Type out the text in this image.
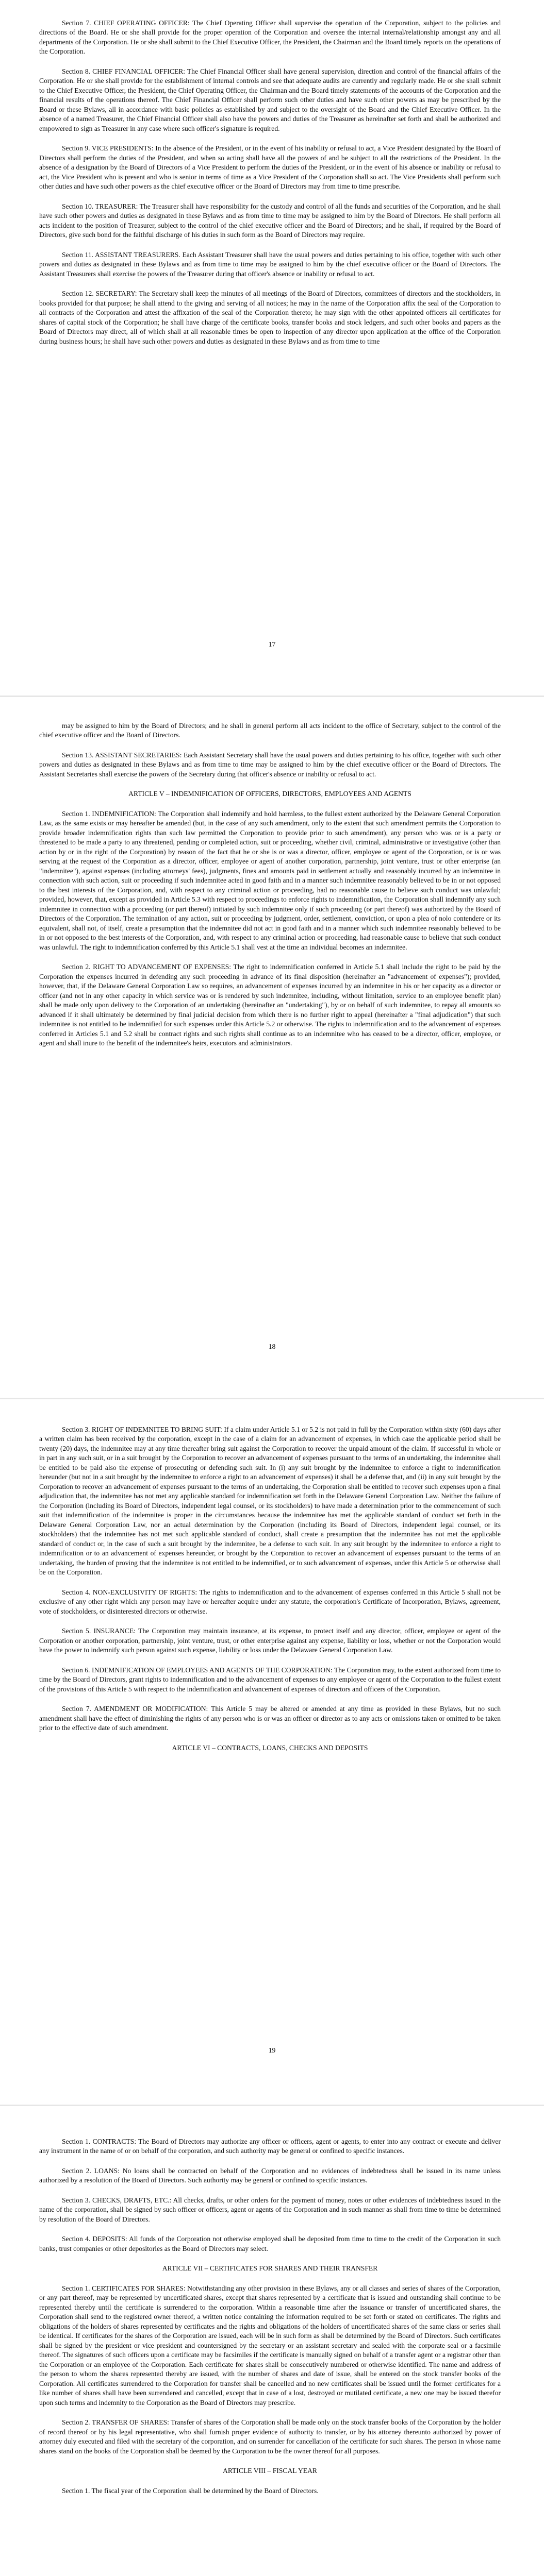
Section 7. CHIEF OPERATING OFFICER: The Chief Operating Officer shall supervise the operation of the Corporation, subject to the policies and directions of the Board. He or she shall provide for the proper operation of the Corporation and oversee the internal internal/relationship amongst any and all departments of the Corporation. He or she shall submit to the Chief Executive Officer, the President, the Chairman and the Board timely reports on the operations of the Corporation.

Section 8. CHIEF FINANCIAL OFFICER: The Chief Financial Officer shall have general supervision, direction and control of the financial affairs of the Corporation. He or she shall provide for the establishment of internal controls and see that adequate audits are currently and regularly made. He or she shall submit to the Chief Executive Officer, the President, the Chief Operating Officer, the Chairman and the Board timely statements of the accounts of the Corporation and the financial results of the operations thereof. The Chief Financial Officer shall perform such other duties and have such other powers as may be prescribed by the Board or these Bylaws, all in accordance with basic policies as established by and subject to the oversight of the Board and the Chief Executive Officer. In the absence of a named Treasurer, the Chief Financial Officer shall also have the powers and duties of the Treasurer as hereinafter set forth and shall be authorized and empowered to sign as Treasurer in any case where such officer's signature is required.

Section 9. VICE PRESIDENTS: In the absence of the President, or in the event of his inability or refusal to act, a Vice President designated by the Board of Directors shall perform the duties of the President, and when so acting shall have all the powers of and be subject to all the restrictions of the President. In the absence of a designation by the Board of Directors of a Vice President to perform the duties of the President, or in the event of his absence or inability or refusal to act, the Vice President who is present and who is senior in terms of time as a Vice President of the Corporation shall so act. The Vice Presidents shall perform such other duties and have such other powers as the chief executive officer or the Board of Directors may from time to time prescribe.

Section 10. TREASURER: The Treasurer shall have responsibility for the custody and control of all the funds and securities of the Corporation, and he shall have such other powers and duties as designated in these Bylaws and as from time to time may be assigned to him by the Board of Directors. He shall perform all acts incident to the position of Treasurer, subject to the control of the chief executive officer and the Board of Directors; and he shall, if required by the Board of Directors, give such bond for the faithful discharge of his duties in such form as the Board of Directors may require.

Section 11. ASSISTANT TREASURERS. Each Assistant Treasurer shall have the usual powers and duties pertaining to his office, together with such other powers and duties as designated in these Bylaws and as from time to time may be assigned to him by the chief executive officer or the Board of Directors. The Assistant Treasurers shall exercise the powers of the Treasurer during that officer's absence or inability or refusal to act.

Section 12. SECRETARY: The Secretary shall keep the minutes of all meetings of the Board of Directors, committees of directors and the stockholders, in books provided for that purpose; he shall attend to the giving and serving of all notices; he may in the name of the Corporation affix the seal of the Corporation to all contracts of the Corporation and attest the affixation of the seal of the Corporation thereto; he may sign with the other appointed officers all certificates for shares of capital stock of the Corporation; he shall have charge of the certificate books, transfer books and stock ledgers, and such other books and papers as the Board of Directors may direct, all of which shall at all reasonable times be open to inspection of any director upon application at the office of the Corporation during business hours; he shall have such other powers and duties as designated in these Bylaws and as from time to time

17

may be assigned to him by the Board of Directors; and he shall in general perform all acts incident to the office of Secretary, subject to the control of the chief executive officer and the Board of Directors.

Section 13. ASSISTANT SECRETARIES: Each Assistant Secretary shall have the usual powers and duties pertaining to his office, together with such other powers and duties as designated in these Bylaws and as from time to time may be assigned to him by the chief executive officer or the Board of Directors. The Assistant Secretaries shall exercise the powers of the Secretary during that officer's absence or inability or refusal to act.

ARTICLE V – INDEMNIFICATION OF OFFICERS, DIRECTORS, EMPLOYEES AND AGENTS

Section 1. INDEMNIFICATION: The Corporation shall indemnify and hold harmless, to the fullest extent authorized by the Delaware General Corporation Law, as the same exists or may hereafter be amended (but, in the case of any such amendment, only to the extent that such amendment permits the Corporation to provide broader indemnification rights than such law permitted the Corporation to provide prior to such amendment), any person who was or is a party or threatened to be made a party to any threatened, pending or completed action, suit or proceeding, whether civil, criminal, administrative or investigative (other than action by or in the right of the Corporation) by reason of the fact that he or she is or was a director, officer, employee or agent of the Corporation, or is or was serving at the request of the Corporation as a director, officer, employee or agent of another corporation, partnership, joint venture, trust or other enterprise (an "indemnitee"), against expenses (including attorneys' fees), judgments, fines and amounts paid in settlement actually and reasonably incurred by an indemnitee in connection with such action, suit or proceeding if such indemnitee acted in good faith and in a manner such indemnitee reasonably believed to be in or not opposed to the best interests of the Corporation, and, with respect to any criminal action or proceeding, had no reasonable cause to believe such conduct was unlawful; provided, however, that, except as provided in Article 5.3 with respect to proceedings to enforce rights to indemnification, the Corporation shall indemnify any such indemnitee in connection with a proceeding (or part thereof) initiated by such indemnitee only if such proceeding (or part thereof) was authorized by the Board of Directors of the Corporation. The termination of any action, suit or proceeding by judgment, order, settlement, conviction, or upon a plea of nolo contendere or its equivalent, shall not, of itself, create a presumption that the indemnitee did not act in good faith and in a manner which such indemnitee reasonably believed to be in or not opposed to the best interests of the Corporation, and, with respect to any criminal action or proceeding, had reasonable cause to believe that such conduct was unlawful. The right to indemnification conferred by this Article 5.1 shall vest at the time an individual becomes an indemnitee.

Section 2. RIGHT TO ADVANCEMENT OF EXPENSES: The right to indemnification conferred in Article 5.1 shall include the right to be paid by the Corporation the expenses incurred in defending any such proceeding in advance of its final disposition (hereinafter an "advancement of expenses"); provided, however, that, if the Delaware General Corporation Law so requires, an advancement of expenses incurred by an indemnitee in his or her capacity as a director or officer (and not in any other capacity in which service was or is rendered by such indemnitee, including, without limitation, service to an employee benefit plan) shall be made only upon delivery to the Corporation of an undertaking (hereinafter an "undertaking"), by or on behalf of such indemnitee, to repay all amounts so advanced if it shall ultimately be determined by final judicial decision from which there is no further right to appeal (hereinafter a "final adjudication") that such indemnitee is not entitled to be indemnified for such expenses under this Article 5.2 or otherwise. The rights to indemnification and to the advancement of expenses conferred in Articles 5.1 and 5.2 shall be contract rights and such rights shall continue as to an indemnitee who has ceased to be a director, officer, employee, or agent and shall inure to the benefit of the indemnitee's heirs, executors and administrators.

18

Section 3. RIGHT OF INDEMNITEE TO BRING SUIT: If a claim under Article 5.1 or 5.2 is not paid in full by the Corporation within sixty (60) days after a written claim has been received by the corporation, except in the case of a claim for an advancement of expenses, in which case the applicable period shall be twenty (20) days, the indemnitee may at any time thereafter bring suit against the Corporation to recover the unpaid amount of the claim. If successful in whole or in part in any such suit, or in a suit brought by the Corporation to recover an advancement of expenses pursuant to the terms of an undertaking, the indemnitee shall be entitled to be paid also the expense of prosecuting or defending such suit. In (i) any suit brought by the indemnitee to enforce a right to indemnification hereunder (but not in a suit brought by the indemnitee to enforce a right to an advancement of expenses) it shall be a defense that, and (ii) in any suit brought by the Corporation to recover an advancement of expenses pursuant to the terms of an undertaking, the Corporation shall be entitled to recover such expenses upon a final adjudication that, the indemnitee has not met any applicable standard for indemnification set forth in the Delaware General Corporation Law. Neither the failure of the Corporation (including its Board of Directors, independent legal counsel, or its stockholders) to have made a determination prior to the commencement of such suit that indemnification of the indemnitee is proper in the circumstances because the indemnitee has met the applicable standard of conduct set forth in the Delaware General Corporation Law, nor an actual determination by the Corporation (including its Board of Directors, independent legal counsel, or its stockholders) that the indemnitee has not met such applicable standard of conduct, shall create a presumption that the indemnitee has not met the applicable standard of conduct or, in the case of such a suit brought by the indemnitee, be a defense to such suit. In any suit brought by the indemnitee to enforce a right to indemnification or to an advancement of expenses hereunder, or brought by the Corporation to recover an advancement of expenses pursuant to the terms of an undertaking, the burden of proving that the indemnitee is not entitled to be indemnified, or to such advancement of expenses, under this Article 5 or otherwise shall be on the Corporation.

Section 4. NON-EXCLUSIVITY OF RIGHTS: The rights to indemnification and to the advancement of expenses conferred in this Article 5 shall not be exclusive of any other right which any person may have or hereafter acquire under any statute, the corporation's Certificate of Incorporation, Bylaws, agreement, vote of stockholders, or disinterested directors or otherwise.

Section 5. INSURANCE: The Corporation may maintain insurance, at its expense, to protect itself and any director, officer, employee or agent of the Corporation or another corporation, partnership, joint venture, trust, or other enterprise against any expense, liability or loss, whether or not the Corporation would have the power to indemnify such person against such expense, liability or loss under the Delaware General Corporation Law.

Section 6. INDEMNIFICATION OF EMPLOYEES AND AGENTS OF THE CORPORATION: The Corporation may, to the extent authorized from time to time by the Board of Directors, grant rights to indemnification and to the advancement of expenses to any employee or agent of the Corporation to the fullest extent of the provisions of this Article 5 with respect to the indemnification and advancement of expenses of directors and officers of the Corporation.

Section 7. AMENDMENT OR MODIFICATION: This Article 5 may be altered or amended at any time as provided in these Bylaws, but no such amendment shall have the effect of diminishing the rights of any person who is or was an officer or director as to any acts or omissions taken or omitted to be taken prior to the effective date of such amendment.

ARTICLE VI – CONTRACTS, LOANS, CHECKS AND DEPOSITS
19

Section 1. CONTRACTS: The Board of Directors may authorize any officer or officers, agent or agents, to enter into any contract or execute and deliver any instrument in the name of or on behalf of the corporation, and such authority may be general or confined to specific instances.

Section 2. LOANS: No loans shall be contracted on behalf of the Corporation and no evidences of indebtedness shall be issued in its name unless authorized by a resolution of the Board of Directors. Such authority may be general or confined to specific instances.

Section 3. CHECKS, DRAFTS, ETC.: All checks, drafts, or other orders for the payment of money, notes or other evidences of indebtedness issued in the name of the corporation, shall be signed by such officer or officers, agent or agents of the Corporation and in such manner as shall from time to time be determined by resolution of the Board of Directors.

Section 4. DEPOSITS: All funds of the Corporation not otherwise employed shall be deposited from time to time to the credit of the Corporation in such banks, trust companies or other depositories as the Board of Directors may select.

ARTICLE VII – CERTIFICATES FOR SHARES AND THEIR TRANSFER

Section 1. CERTIFICATES FOR SHARES: Notwithstanding any other provision in these Bylaws, any or all classes and series of shares of the Corporation, or any part thereof, may be represented by uncertificated shares, except that shares represented by a certificate that is issued and outstanding shall continue to be represented thereby until the certificate is surrendered to the corporation. Within a reasonable time after the issuance or transfer of uncertificated shares, the Corporation shall send to the registered owner thereof, a written notice containing the information required to be set forth or stated on certificates. The rights and obligations of the holders of shares represented by certificates and the rights and obligations of the holders of uncertificated shares of the same class or series shall be identical. If certificates for the shares of the Corporation are issued, each will be in such form as shall be determined by the Board of Directors. Such certificates shall be signed by the president or vice president and countersigned by the secretary or an assistant secretary and sealed with the corporate seal or a facsimile thereof. The signatures of such officers upon a certificate may be facsimiles if the certificate is manually signed on behalf of a transfer agent or a registrar other than the Corporation or an employee of the Corporation. Each certificate for shares shall be consecutively numbered or otherwise identified. The name and address of the person to whom the shares represented thereby are issued, with the number of shares and date of issue, shall be entered on the stock transfer books of the Corporation. All certificates surrendered to the Corporation for transfer shall be cancelled and no new certificates shall be issued until the former certificates for a like number of shares shall have been surrendered and cancelled, except that in case of a lost, destroyed or mutilated certificate, a new one may be issued therefor upon such terms and indemnity to the Corporation as the Board of Directors may prescribe.

Section 2. TRANSFER OF SHARES: Transfer of shares of the Corporation shall be made only on the stock transfer books of the Corporation by the holder of record thereof or by his legal representative, who shall furnish proper evidence of authority to transfer, or by his attorney thereunto authorized by power of attorney duly executed and filed with the secretary of the corporation, and on surrender for cancellation of the certificate for such shares. The person in whose name shares stand on the books of the Corporation shall be deemed by the Corporation to be the owner thereof for all purposes.

ARTICLE VIII – FISCAL YEAR

Section 1. The fiscal year of the Corporation shall be determined by the Board of Directors.
